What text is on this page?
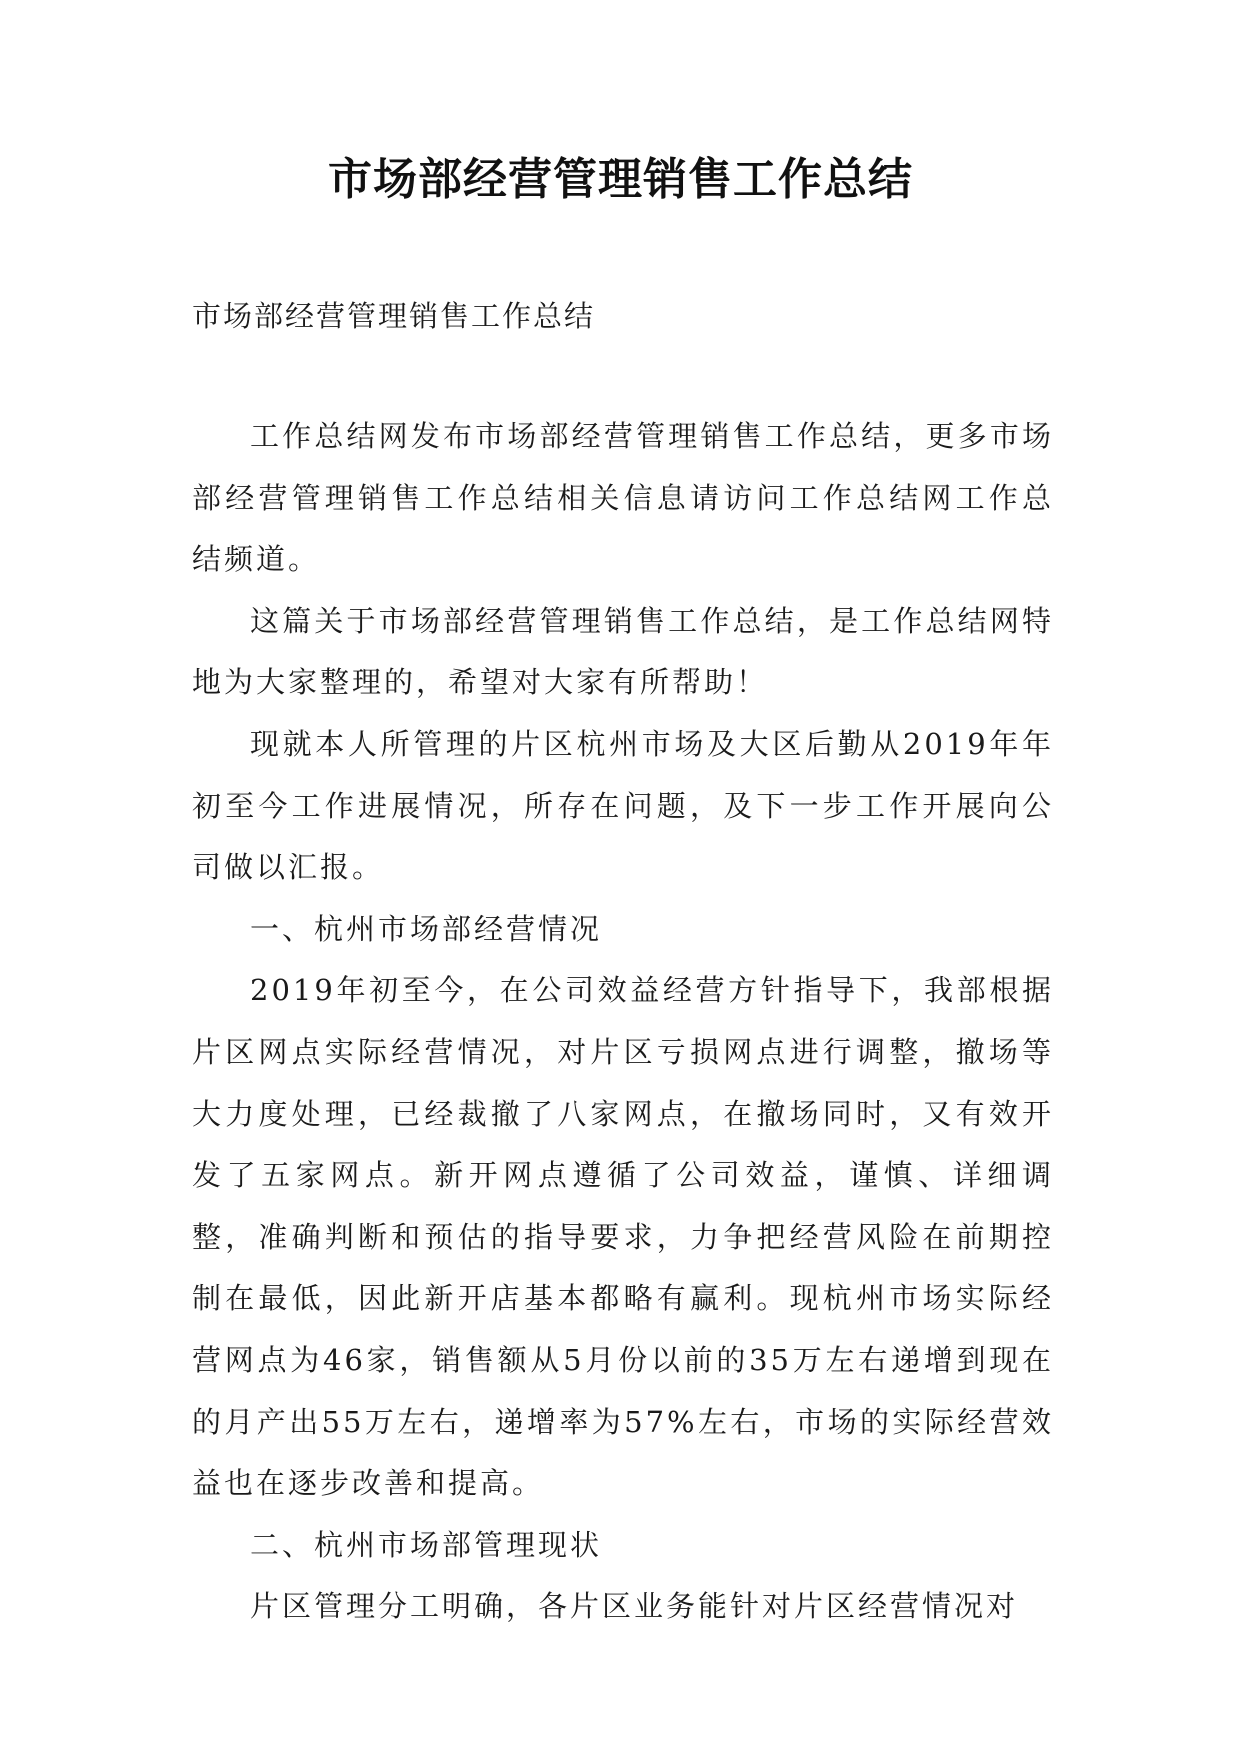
市场部经营管理销售工作总结
市场部经营管理销售工作总结

工作总结网发布市场部经营管理销售工作总结，更多市场部经营管理销售工作总结相关信息请访问工作总结网工作总结频道。

这篇关于市场部经营管理销售工作总结，是工作总结网特地为大家整理的，希望对大家有所帮助！

现就本人所管理的片区杭州市场及大区后勤从2019年年初至今工作进展情况，所存在问题，及下一步工作开展向公司做以汇报。

一、杭州市场部经营情况

2019年初至今，在公司效益经营方针指导下，我部根据片区网点实际经营情况，对片区亏损网点进行调整，撤场等大力度处理，已经裁撤了八家网点，在撤场同时，又有效开发了五家网点。新开网点遵循了公司效益，谨慎、详细调整，准确判断和预估的指导要求，力争把经营风险在前期控制在最低，因此新开店基本都略有赢利。现杭州市场实际经营网点为46家，销售额从5月份以前的35万左右递增到现在的月产出55万左右，递增率为57%左右，市场的实际经营效益也在逐步改善和提高。

二、杭州市场部管理现状

片区管理分工明确，各片区业务能针对片区经营情况对
